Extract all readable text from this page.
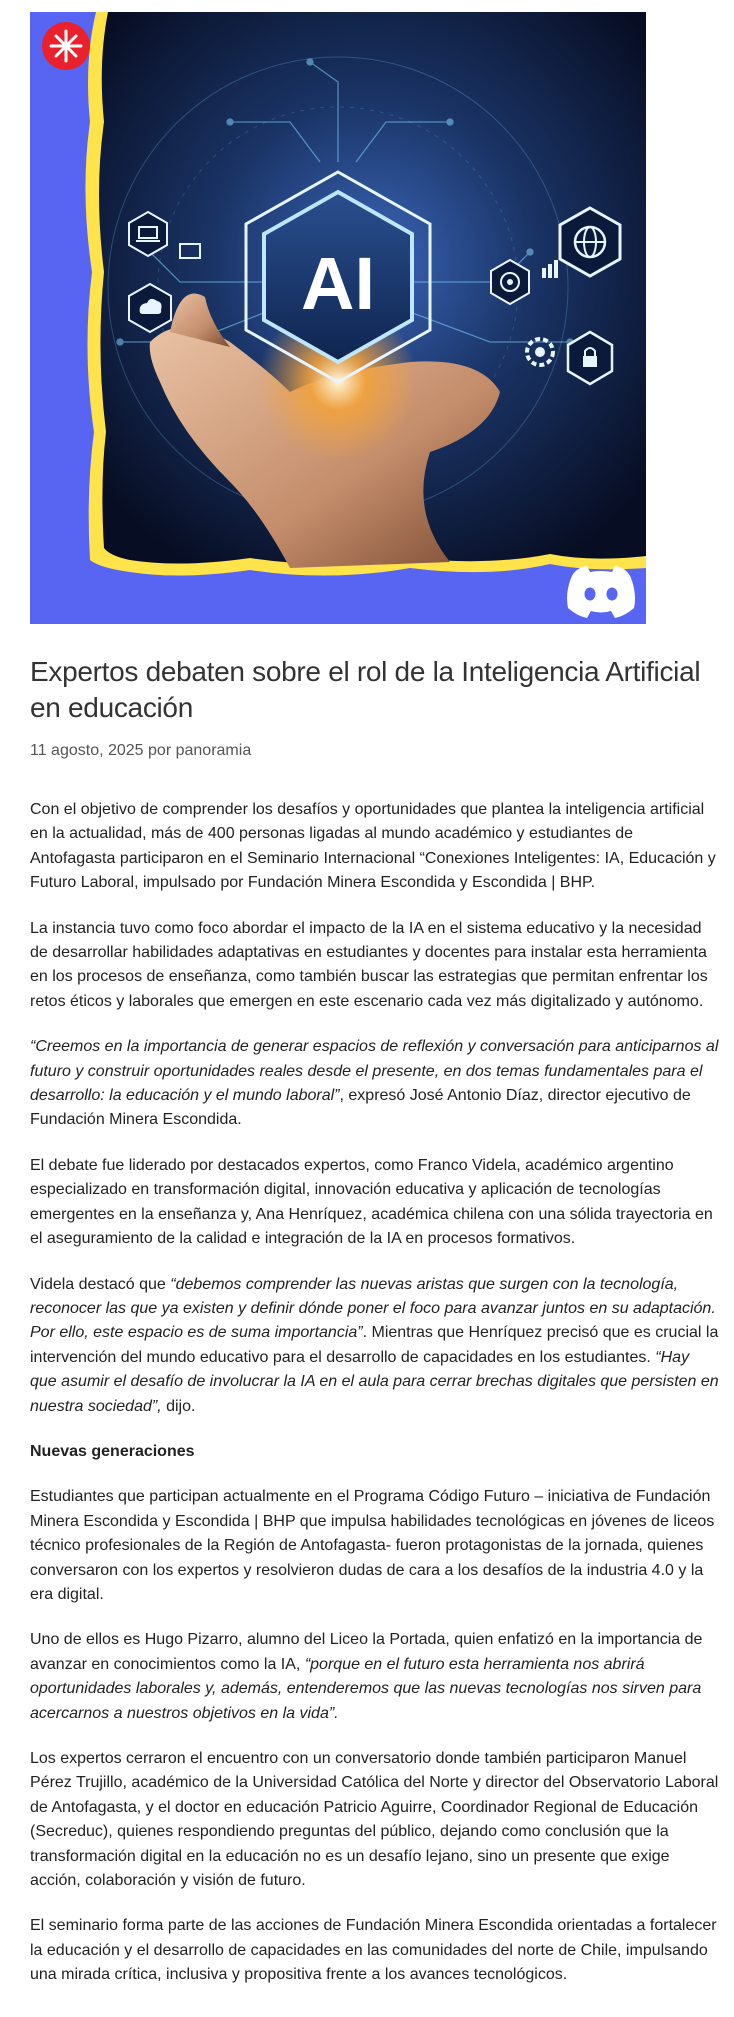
AI
Expertos debaten sobre el rol de la Inteligencia Artificial en educación

11 agosto, 2025 por panoramia

Con el objetivo de comprender los desafíos y oportunidades que plantea la inteligencia artificial en la actualidad, más de 400 personas ligadas al mundo académico y estudiantes de Antofagasta participaron en el Seminario Internacional “Conexiones Inteligentes: IA, Educación y Futuro Laboral, impulsado por Fundación Minera Escondida y Escondida | BHP.

La instancia tuvo como foco abordar el impacto de la IA en el sistema educativo y la necesidad de desarrollar habilidades adaptativas en estudiantes y docentes para instalar esta herramienta en los procesos de enseñanza, como también buscar las estrategias que permitan enfrentar los retos éticos y laborales que emergen en este escenario cada vez más digitalizado y autónomo.

“Creemos en la importancia de generar espacios de reflexión y conversación para anticiparnos al futuro y construir oportunidades reales desde el presente, en dos temas fundamentales para el desarrollo: la educación y el mundo laboral”, expresó José Antonio Díaz, director ejecutivo de Fundación Minera Escondida.

El debate fue liderado por destacados expertos, como Franco Videla, académico argentino especializado en transformación digital, innovación educativa y aplicación de tecnologías emergentes en la enseñanza y, Ana Henríquez, académica chilena con una sólida trayectoria en el aseguramiento de la calidad e integración de la IA en procesos formativos.

Videla destacó que “debemos comprender las nuevas aristas que surgen con la tecnología, reconocer las que ya existen y definir dónde poner el foco para avanzar juntos en su adaptación. Por ello, este espacio es de suma importancia”. Mientras que Henríquez precisó que es crucial la intervención del mundo educativo para el desarrollo de capacidades en los estudiantes. “Hay que asumir el desafío de involucrar la IA en el aula para cerrar brechas digitales que persisten en nuestra sociedad”, dijo.

Nuevas generaciones

Estudiantes que participan actualmente en el Programa Código Futuro – iniciativa de Fundación Minera Escondida y Escondida | BHP que impulsa habilidades tecnológicas en jóvenes de liceos técnico profesionales de la Región de Antofagasta- fueron protagonistas de la jornada, quienes conversaron con los expertos y resolvieron dudas de cara a los desafíos de la industria 4.0 y la era digital.

Uno de ellos es Hugo Pizarro, alumno del Liceo la Portada, quien enfatizó en la importancia de avanzar en conocimientos como la IA, “porque en el futuro esta herramienta nos abrirá oportunidades laborales y, además, entenderemos que las nuevas tecnologías nos sirven para acercarnos a nuestros objetivos en la vida”.

Los expertos cerraron el encuentro con un conversatorio donde también participaron Manuel Pérez Trujillo, académico de la Universidad Católica del Norte y director del Observatorio Laboral de Antofagasta, y el doctor en educación Patricio Aguirre, Coordinador Regional de Educación (Secreduc), quienes respondiendo preguntas del público, dejando como conclusión que la transformación digital en la educación no es un desafío lejano, sino un presente que exige acción, colaboración y visión de futuro.

El seminario forma parte de las acciones de Fundación Minera Escondida orientadas a fortalecer la educación y el desarrollo de capacidades en las comunidades del norte de Chile, impulsando una mirada crítica, inclusiva y propositiva frente a los avances tecnológicos.
